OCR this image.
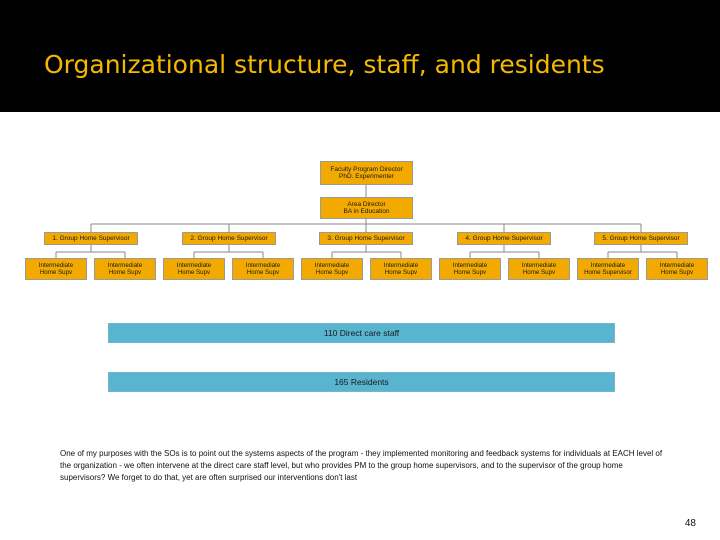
Organizational structure, staff, and residents
Faculty Program Director
PhD. Experimenter
Area Director
BA in Education
1. Group Home Supervisor	2. Group Home Supervisor	3. Group Home Supervisor	4. Group Home Supervisor	5. Group Home Supervisor
Intermediate
Home Supv
Intermediate
Home Supv
Intermediate
Home Supv
Intermediate
Home Supv
Intermediate
Home Supv
Intermediate
Home Supv
Intermediate
Home Supv
Intermediate
Home Supv
Intermediate
Home Supervisor
Intermediate
Home Supv
110 Direct care staff
165 Residents

One of my purposes with the SOs is to point out the systems aspects of the program - they implemented monitoring and feedback systems for individuals at EACH level of the organization - we often intervene at the direct care staff level, but who provides PM to the group home supervisors, and to the supervisor of the group home supervisors? We forget to do that, yet are often surprised our interventions don't last

48
